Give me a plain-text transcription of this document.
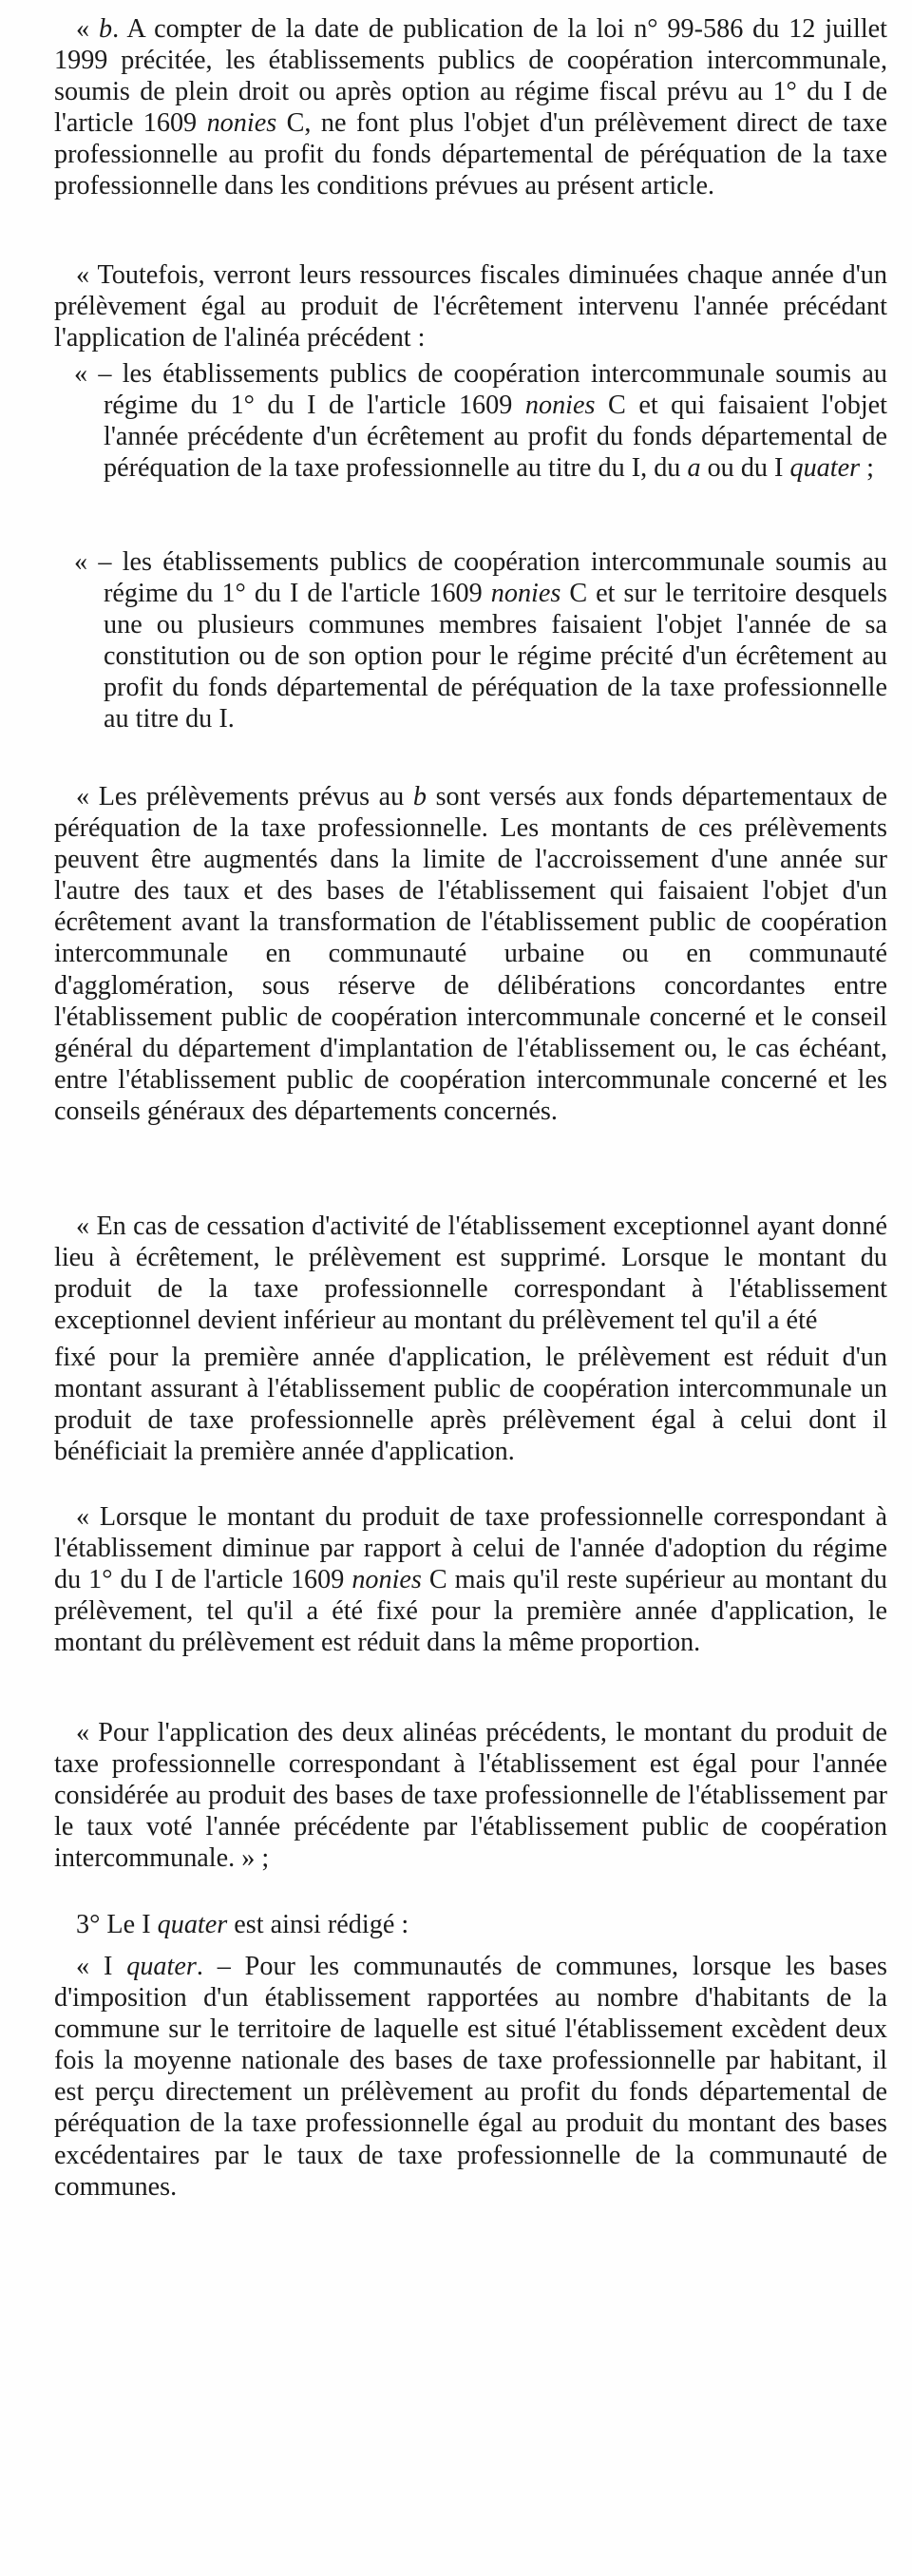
« b. A compter de la date de publication de la loi n° 99-586 du 12 juillet 1999 précitée, les établissements publics de coopération intercommunale, soumis de plein droit ou après option au régime fiscal prévu au 1° du I de l'article 1609 nonies C, ne font plus l'objet d'un prélèvement direct de taxe professionnelle au profit du fonds départemental de péréquation de la taxe professionnelle dans les conditions prévues au présent article.

« Toutefois, verront leurs ressources fiscales diminuées chaque année d'un prélèvement égal au produit de l'écrêtement intervenu l'année précédant l'application de l'alinéa précédent :

« – les établissements publics de coopération intercommunale soumis au régime du 1° du I de l'article 1609 nonies C et qui faisaient l'objet l'année précédente d'un écrêtement au profit du fonds départemental de péréquation de la taxe professionnelle au titre du I, du a ou du I quater ;

« – les établissements publics de coopération intercommunale soumis au régime du 1° du I de l'article 1609 nonies C et sur le territoire desquels une ou plusieurs communes membres faisaient l'objet l'année de sa constitution ou de son option pour le régime précité d'un écrêtement au profit du fonds départemental de péréquation de la taxe professionnelle au titre du I.

« Les prélèvements prévus au b sont versés aux fonds départementaux de péréquation de la taxe professionnelle. Les montants de ces prélèvements peuvent être augmentés dans la limite de l'accroissement d'une année sur l'autre des taux et des bases de l'établissement qui faisaient l'objet d'un écrêtement avant la transformation de l'établissement public de coopération intercommunale en communauté urbaine ou en communauté d'agglomération, sous réserve de délibérations concordantes entre l'établissement public de coopération intercommunale concerné et le conseil général du département d'implantation de l'établissement ou, le cas échéant, entre l'établissement public de coopération intercommunale concerné et les conseils généraux des départements concernés.

« En cas de cessation d'activité de l'établissement exceptionnel ayant donné lieu à écrêtement, le prélèvement est supprimé. Lorsque le montant du produit de la taxe professionnelle correspondant à l'établissement exceptionnel devient inférieur au montant du prélèvement tel qu'il a été

fixé pour la première année d'application, le prélèvement est réduit d'un montant assurant à l'établissement public de coopération intercommunale un produit de taxe professionnelle après prélèvement égal à celui dont il bénéficiait la première année d'application.

« Lorsque le montant du produit de taxe professionnelle correspondant à l'établissement diminue par rapport à celui de l'année d'adoption du régime du 1° du I de l'article 1609 nonies C mais qu'il reste supérieur au montant du prélèvement, tel qu'il a été fixé pour la première année d'application, le montant du prélèvement est réduit dans la même proportion.

« Pour l'application des deux alinéas précédents, le montant du produit de taxe professionnelle correspondant à l'établissement est égal pour l'année considérée au produit des bases de taxe professionnelle de l'établissement par le taux voté l'année précédente par l'établissement public de coopération intercommunale. » ;

3° Le I quater est ainsi rédigé :

« I quater. – Pour les communautés de communes, lorsque les bases d'imposition d'un établissement rapportées au nombre d'habitants de la commune sur le territoire de laquelle est situé l'établissement excèdent deux fois la moyenne nationale des bases de taxe professionnelle par habitant, il est perçu directement un prélèvement au profit du fonds départemental de péréquation de la taxe professionnelle égal au produit du montant des bases excédentaires par le taux de taxe professionnelle de la communauté de communes.
